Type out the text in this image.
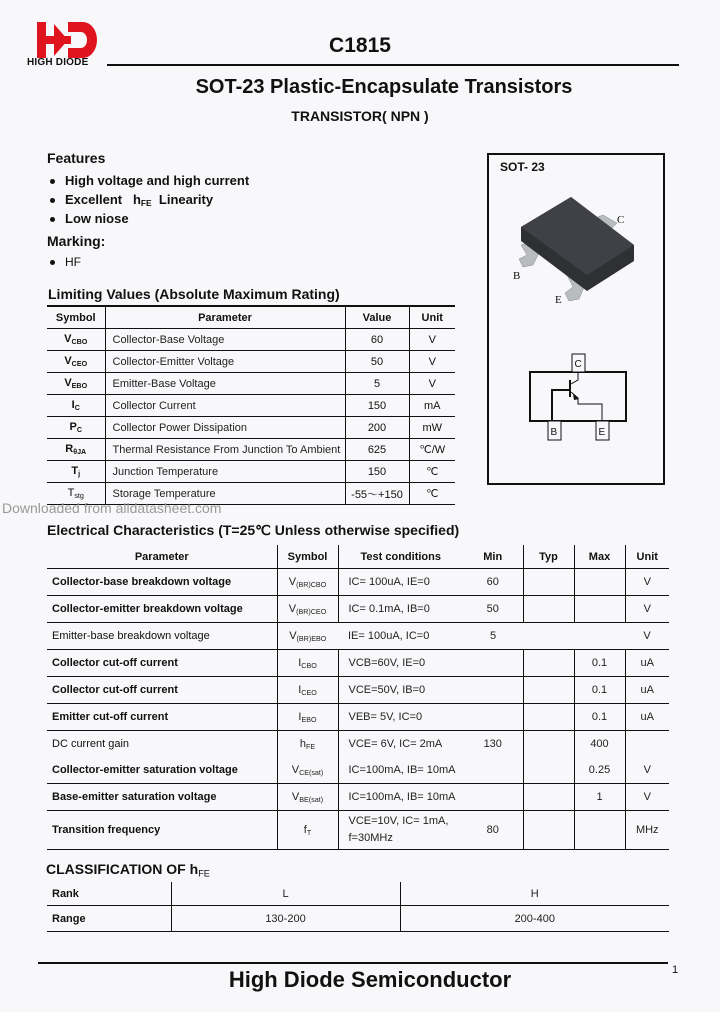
HIGH DIODE
C1815
SOT-23 Plastic-Encapsulate Transistors
TRANSISTOR( NPN )
Features
High voltage and high current
Excellent $h_{FE}$ Linearity
Low niose
Marking:
HF
SOT- 23
C
B
E
C
B	E
Limiting Values (Absolute Maximum Rating)
Symbol	Parameter	Value	Unit
$V_{CBO}$	Collector-Base Voltage	60	V
$V_{CEO}$	Collector-Emitter Voltage	50	V
$V_{EBO}$	Emitter-Base Voltage	5	V
$I_C$	Collector Current	150	mA
$P_C$	Collector Power Dissipation	200	mW
$R_{\theta JA}$	Thermal Resistance From Junction To Ambient	625	℃/W
$T_j$	Junction Temperature	150	℃
$T_{stg}$	Storage Temperature	-55～+150	℃
Downloaded from alldatasheet.com
Electrical Characteristics (T=25℃ Unless otherwise specified)
Parameter	Symbol	Test conditions	Min	Typ	Max	Unit
Collector-base breakdown voltage	$V_{(BR)CBO}$	IC= 100uA, IE=0	60			V
Collector-emitter breakdown voltage	$V_{(BR)CEO}$	IC= 0.1mA, IB=0	50			V
Emitter-base breakdown voltage	$V_{(BR)EBO}$	IE= 100uA, IC=0	5			V
Collector cut-off current	$I_{CBO}$	VCB=60V, IE=0			0.1	uA
Collector cut-off current	$I_{CEO}$	VCE=50V, IB=0			0.1	uA
Emitter cut-off current	$I_{EBO}$	VEB= 5V, IC=0			0.1	uA
DC current gain	$h_{FE}$	VCE= 6V, IC= 2mA	130		400	
Collector-emitter saturation voltage	$V_{CE(sat)}$	IC=100mA, IB= 10mA			0.25	V
Base-emitter saturation voltage	$V_{BE(sat)}$	IC=100mA, IB= 10mA			1	V
Transition frequency	$f_T$	VCE=10V, IC= 1mA,
f=30MHz	80			MHz
CLASSIFICATION OF $h_{FE}$
Rank	L	H
Range	130-200	200-400
High Diode Semiconductor	1
